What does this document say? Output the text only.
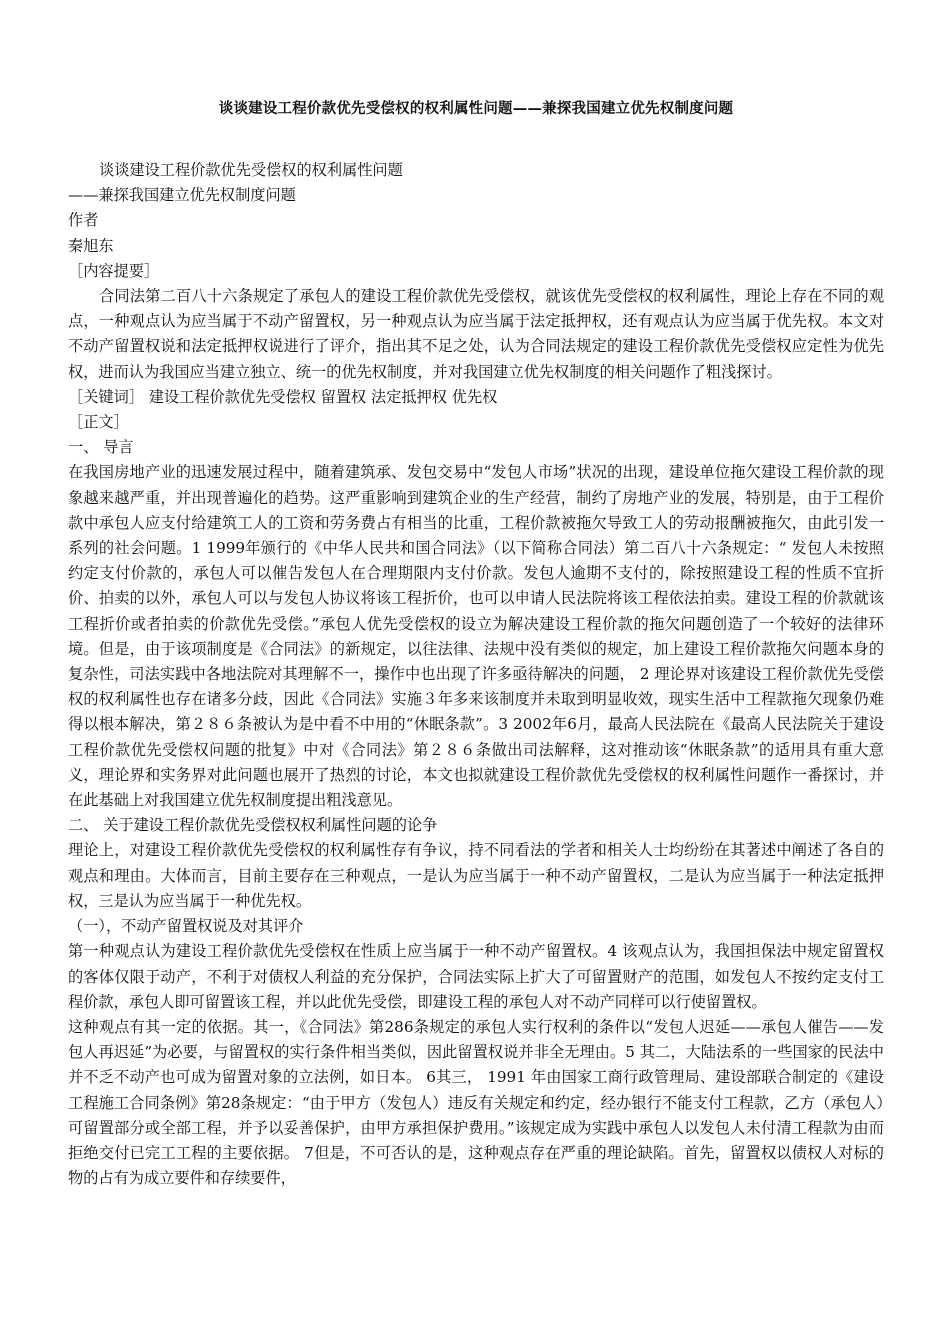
谈谈建设工程价款优先受偿权的权利属性问题——兼探我国建立优先权制度问题

谈谈建设工程价款优先受偿权的权利属性问题

——兼探我国建立优先权制度问题

作者

秦旭东

［内容提要］

合同法第二百八十六条规定了承包人的建设工程价款优先受偿权，就该优先受偿权的权利属性，理论上存在不同的观点，一种观点认为应当属于不动产留置权，另一种观点认为应当属于法定抵押权，还有观点认为应当属于优先权。本文对不动产留置权说和法定抵押权说进行了评介，指出其不足之处，认为合同法规定的建设工程价款优先受偿权应定性为优先权，进而认为我国应当建立独立、统一的优先权制度，并对我国建立优先权制度的相关问题作了粗浅探讨。

［关键词］ 建设工程价款优先受偿权 留置权 法定抵押权 优先权

［正文］

一、 导言

在我国房地产业的迅速发展过程中，随着建筑承、发包交易中“发包人市场”状况的出现，建设单位拖欠建设工程价款的现象越来越严重，并出现普遍化的趋势。这严重影响到建筑企业的生产经营，制约了房地产业的发展，特别是，由于工程价款中承包人应支付给建筑工人的工资和劳务费占有相当的比重，工程价款被拖欠导致工人的劳动报酬被拖欠，由此引发一系列的社会问题。1 1999年颁行的《中华人民共和国合同法》（以下简称合同法）第二百八十六条规定：“ 发包人未按照约定支付价款的，承包人可以催告发包人在合理期限内支付价款。发包人逾期不支付的，除按照建设工程的性质不宜折价、拍卖的以外，承包人可以与发包人协议将该工程折价，也可以申请人民法院将该工程依法拍卖。建设工程的价款就该工程折价或者拍卖的价款优先受偿。”承包人优先受偿权的设立为解决建设工程价款的拖欠问题创造了一个较好的法律环境。但是，由于该项制度是《合同法》的新规定，以往法律、法规中没有类似的规定，加上建设工程价款拖欠问题本身的复杂性，司法实践中各地法院对其理解不一，操作中也出现了许多亟待解决的问题， 2 理论界对该建设工程价款优先受偿权的权利属性也存在诸多分歧，因此《合同法》实施３年多来该制度并未取到明显收效，现实生活中工程款拖欠现象仍难得以根本解决，第２８６条被认为是中看不中用的“休眠条款”。3 2002年6月，最高人民法院在《最高人民法院关于建设工程价款优先受偿权问题的批复》中对《合同法》第２８６条做出司法解释，这对推动该“休眠条款”的适用具有重大意义，理论界和实务界对此问题也展开了热烈的讨论，本文也拟就建设工程价款优先受偿权的权利属性问题作一番探讨，并在此基础上对我国建立优先权制度提出粗浅意见。

二、 关于建设工程价款优先受偿权权利属性问题的论争

理论上，对建设工程价款优先受偿权的权利属性存有争议，持不同看法的学者和相关人士均纷纷在其著述中阐述了各自的观点和理由。大体而言，目前主要存在三种观点，一是认为应当属于一种不动产留置权，二是认为应当属于一种法定抵押权，三是认为应当属于一种优先权。

（一），不动产留置权说及对其评介

第一种观点认为建设工程价款优先受偿权在性质上应当属于一种不动产留置权。4 该观点认为，我国担保法中规定留置权的客体仅限于动产，不利于对债权人利益的充分保护，合同法实际上扩大了可留置财产的范围，如发包人不按约定支付工程价款，承包人即可留置该工程，并以此优先受偿，即建设工程的承包人对不动产同样可以行使留置权。

这种观点有其一定的依据。其一，《合同法》第286条规定的承包人实行权利的条件以“发包人迟延——承包人催告——发包人再迟延”为必要，与留置权的实行条件相当类似，因此留置权说并非全无理由。5 其二，大陆法系的一些国家的民法中并不乏不动产也可成为留置对象的立法例，如日本。 6其三， 1991 年由国家工商行政管理局、建设部联合制定的《建设工程施工合同条例》第28条规定：“由于甲方（发包人）违反有关规定和约定，经办银行不能支付工程款，乙方（承包人）可留置部分或全部工程，并予以妥善保护，由甲方承担保护费用。”该规定成为实践中承包人以发包人未付清工程款为由而拒绝交付已完工工程的主要依据。 7但是，不可否认的是，这种观点存在严重的理论缺陷。首先，留置权以债权人对标的物的占有为成立要件和存续要件，
